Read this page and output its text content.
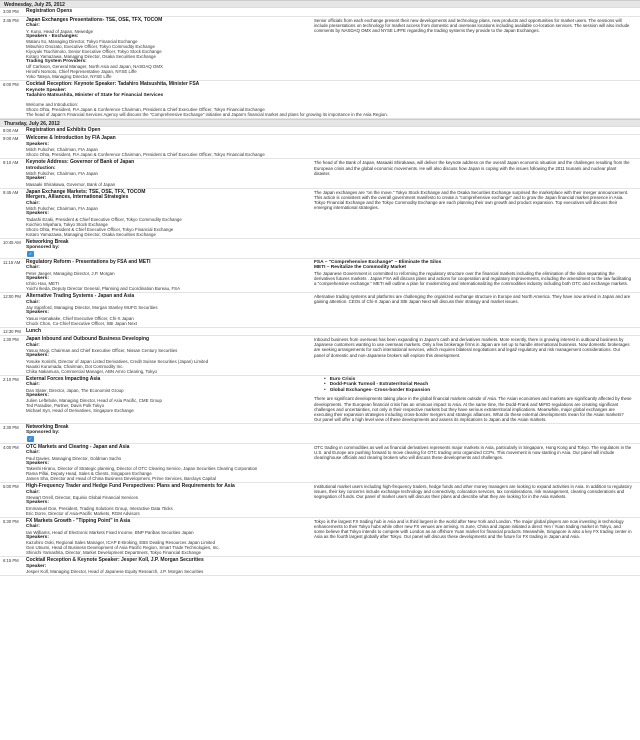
Wednesday, July 25, 2012
3:00 PM	Registration Opens
3:45 PM	Japan Exchanges Presentations- TSE, OSE, TFX, TOCOM
Chair:
Y. Kuno, Head of Japan, Newedge
Speakers - Exchanges:
Wataru Ito, Managing Director, Tokyo Financial Exchange
Mitsuhiro Onozato, Executive Officer, Tokyo Commodity Exchange
Kiyoyuki Tsuchimoto, Senior Executive Officer, Tokyo Stock Exchange
Kotaro Yamazawa, Managing Director, Osaka Securities Exchange
Trading System Providers:
Ulf Carlsson, General Manager, North Asia and Japan, NASDAQ OMX
Hiroshi Nomoto, Chief Representative Japan, NYSE Liffe
Yoko Tateya, Managing Director, NYSE Liffe
Senior officials from each exchange present their new developments and technology plans, new products and opportunities for market users. The sessions will include presentations on technology for market access from domestic and overseas locations including available co-location services. The session will also include comments by NASDAQ OMX and NYSE LIFFE regarding the trading systems they provide to the Japan Exchanges.
6:00 PM	Cocktail Reception: Keynote Speaker: Tadahiro Matsushita, Minister FSA
Keynote Speaker:
Tadahiro Matsushita, Minister of State for Financial Services
Welcome and Introduction:
Shozo Ohta, President, FIA Japan & Conference Chairman, President & Chief Executive Officer, Tokyo Financial Exchange
The head of Japan's Financial Services Agency will discuss the "Comprehensive Exchange" initiative and Japan's financial market and plans for growing its importance in the Asia Region.
Thursday, July 26, 2012
8:00 AM	Registration and Exhibits Open
9:00 AM	Welcome & Introduction by FIA Japan
Speakers:
Mitch Fulscher, Chairman, FIA Japan
Shozo Ohta, President, FIA Japan & Conference Chairman, President & Chief Executive Officer, Tokyo Financial Exchange
9:10 AM	Keynote Address: Governor of Bank of Japan
Introduction:
Mitch Fulscher, Chairman, FIA Japan
Speaker:
Masaaki Shirakawa, Governor, Bank of Japan
The head of the Bank of Japan, Masaaki Shirakawa, will deliver the keynote address on the overall Japan economic situation and the challenges resulting from the European crisis and the global economic movements. He will also discuss how Japan is coping with the issues following the 2011 tsunami and nuclear plant disaster.
9:45 AM	Japan Exchange Markets: TSE, OSE, TFX, TOCOM
Mergers, Alliances, International Strategies
Chair:
Mitch Fulscher, Chairman, FIA Japan
Speakers:
Tadashi Ezaki, President & Chief Executive Officer, Tokyo Commodity Exchange
Koichiro Miyahara, Tokyo Stock Exchange
Shozo Ohta, President & Chief Executive Officer, Tokyo Financial Exchange
Kotaro Yamazawa, Managing Director, Osaka Securities Exchange
The Japan exchanges are "on the move." Tokyo Stock Exchange and the Osaka Securities Exchange surprised the marketplace with their merger announcement. This action is consistent with the overall government manifesto to create a "comprehensive exchange" and to grow the Japan financial market presence in Asia. Tokyo Financial Exchange and the Tokyo Commodity Exchange are each planning their own growth and product expansion. Top executives will discuss their emerging international strategies.
10:45 AM	Networking Break
Sponsored by:
✓
11:15 AM	Regulatory Reform - Presentations by FSA and METI
Chair:
Peter Jaeger, Managing Director, J.P. Morgan
Speakers:
Ichiro Hao, METI
Yuichi Ikeda, Deputy Director General, Planning and Coordination Bureau, FSA
FSA – "Comprehensive Exchange" – Eliminate the Silos
METI – Revitalize the Commodity Market
The Japanese Government is committed to reforming the regulatory structure over the financial markets including the elimination of the silos separating the derivatives futures markets . Japan FSA will discuss plans and actions for cooperation and regulatory improvements, including the amendment to the law facilitating a "comprehensive exchange." METI will outline a plan for modernizing and internationalizing the commodities industry including both OTC and exchange markets.
12:00 PM	Alternative Trading Systems - Japan and Asia
Chair:
Jay Sapsford, Managing Director, Morgan Stanley MUFG Securities
Speakers:
Yasuo Hamakake, Chief Executive Officer, Chi-X Japan
Chuck Chon, Co-Chief Executive Officer, SBI Japan Next
Alternative trading systems and platforms are challenging the organized exchange structure in Europe and North America. They have now arrived in Japan and are gaining attention. CEOs of Chi-X Japan and SBI Japan Next will discuss their strategy and market issues.
12:30 PM	Lunch
1:30 PM	Japan Inbound and Outbound Business Developing
Chair:
Yasuo Mogi, Chairman and Chief Executive Officer, Nissan Century Securities
Speakers:
Yosuke Konishi, Director of Japan Listed Derivatives, Credit Suisse Securities (Japan) Limited
Naoaki Kurumada, Chairman, Dot Commodity Inc.
Chika Nakamura, Commercial Manager, ABN Amro Clearing, Tokyo
Inbound business from overseas has been expanding in Japan's cash and derivatives markets. More recently, there is growing interest in outbound business by Japanese customers wanting to use overseas markets. Only a few brokerage firms in Japan are set up to handle international business. Now domestic brokerages are seeking arrangements for such international services, which requires bilateral negotiations and legal/ regulatory and risk management considerations. Our panel of domestic and non-Japanese brokers will explore this development.
2:10 PM	External Forces Impacting Asia
Chair:
Dan Slater, Director, Japan, The Economist Group
Speakers:
Julien Leftebole, Managing Director, Head of Asia Pacific, CME Group
Ted Paradise, Partner, Davis Polk Tokyo
Michael Syn, Head of Derivatives, Singapore Exchange
• Euro Crisis
• Dodd-Frank Turmoil - Extraterritorial Reach
• Global Exchanges- Cross-border Expansion
There are significant developments taking place in the global financial markets outside of Asia. The Asian economies and markets are significantly affected by these developments. The European financial crisis has an ominous impact to Asia. At the same time, the Dodd-Frank and MiFID regulations are creating significant challenges and uncertainties, not only in their respective markets but they have serious extraterritorial implications. Meanwhile, major global exchanges are executing their expansion strategies including cross-border mergers and strategic alliances. What do these external developments mean for the Asian markets? Our panel will offer a high level view of these developments and assess its implications to Japan and the Asian markets.
3:30 PM	Networking Break
Sponsored by:
✓
4:00 PM	OTC Markets and Clearing - Japan and Asia
Chair:
Paul Davies, Managing Director, Goldman Sachs
Speakers:
Takeshi Hirano, Director of Strategic planning, Director of OTC Clearing Service, Japan Securities Clearing Corporation
Rama Pillai, Deputy Head, Sales & Clients, Singapore Exchange
James Sha, Director and Head of China Business Development, Prime Services, Barclays Capital
OTC trading in commodities as well as financial derivatives represents major markets in Asia, particularly in Singapore, Hong Kong and Tokyo. The regulators in the U.S. and Europe are pushing forward to move clearing for OTC trading onto organized CCPs. This movement is now starting in Asia. Our panel will include clearinghouse officials and clearing brokers who will discuss these developments and challenges.
5:00 PM	High-Frequency Trader and Hedge Fund Perspectives: Plans and Requirements for Asia
Chair:
Stewart Orrell, Director, Equinix Global Financial Services
Speakers:
Emmanuel Doe, President, Trading Solutions Group, Interactive Data 7ticks
Eric Dorre, Director of Asia-Pacific Markets, RGM Advisors
Institutional market users including high-frequency traders, hedge funds and other money managers are looking to expand activities in Asia. In addition to regulatory issues, their key concerns include exchange technology and connectivity, colocation services, tax considerations, risk management, clearing considerations and segregation of funds. Our panel of market users will discuss their plans and describe what they are looking for in the Asia markets.
5:30 PM	FX Markets Growth - "Tipping Point" in Asia
Chair:
Ian Williams, Head of Electronic Markets Fixed Income, BNP Paribas Securities Japan
Speakers:
Kazuhiro Ooki, Regional Sales Manager, ICAP E-Broking, EBS Dealing Resources Japan Limited
Gen Utsumi, Head of Business Development of Asia Pacific Region, Smart Trade Technologies, Inc.
Shinichi Yamashita, Director, Market Development Department, Tokyo Financial Exchange
Tokyo is the largest FX trading hub in Asia and is third largest in the world after New York and London. The major global players are now investing in technology enhancements to their Tokyo hubs while other new FX venues are arriving. In June, China and Japan initiated a direct Yen / Yuan trading market in Tokyo, and some believe that Tokyo intends to compete with London as an offshore Yuan market for financial products. Meanwhile, Singapore is also a key FX trading center in Asia as the fourth largest globally after Tokyo. Our panel will discuss these developments and the future for FX trading in Japan and Asia.
6:15 PM	Cocktail Reception & Keynote Speaker: Jesper Koll, J.P. Morgan Securities
Speaker:
Jesper Koll, Managing Director, Head of Japanese Equity Research, J.P. Morgan Securities
